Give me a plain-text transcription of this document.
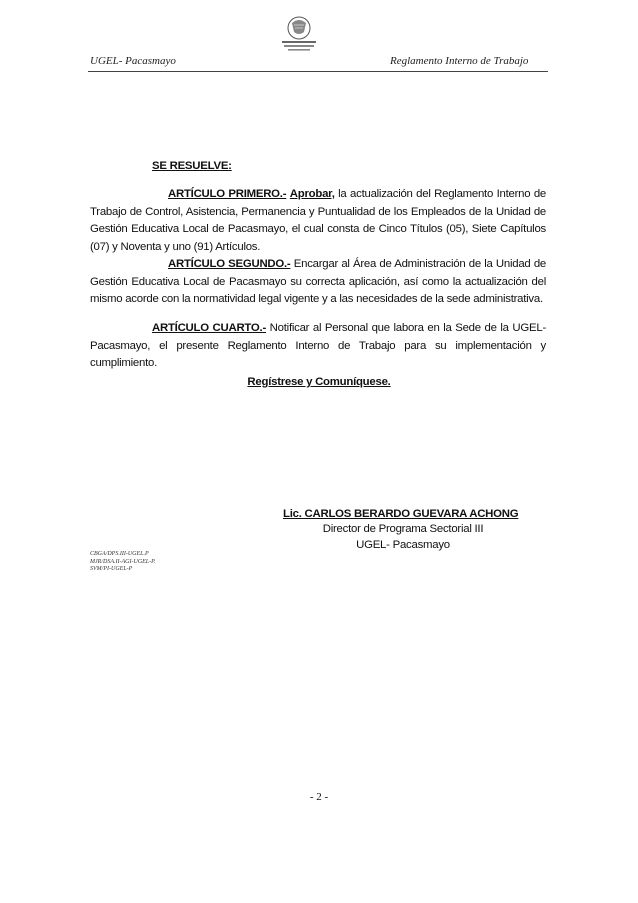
UGEL- Pacasmayo	Reglamento Interno de Trabajo
SE RESUELVE:
ARTÍCULO PRIMERO.- Aprobar, la actualización del Reglamento Interno de Trabajo de Control, Asistencia, Permanencia y Puntualidad de los Empleados de la Unidad de Gestión Educativa Local de Pacasmayo, el cual consta de Cinco Títulos (05), Siete Capítulos (07) y Noventa y uno (91) Artículos.
ARTÍCULO SEGUNDO.- Encargar al Área de Administración de la Unidad de Gestión Educativa Local de Pacasmayo su correcta aplicación, así como la actualización del mismo acorde con la normatividad legal vigente y a las necesidades de la sede administrativa.
ARTÍCULO CUARTO.- Notificar al Personal que labora en la Sede de la UGEL-Pacasmayo, el presente Reglamento Interno de Trabajo para su implementación y cumplimiento.
Regístrese y Comuníquese.
Lic. CARLOS BERARDO GUEVARA ACHONG
Director de Programa Sectorial III
UGEL- Pacasmayo
CBGA/DPS.III-UGEL.P
MJR/DSA.II-AGI-UGEL-P.
SVM/PI-UGEL-P
- 2 -
